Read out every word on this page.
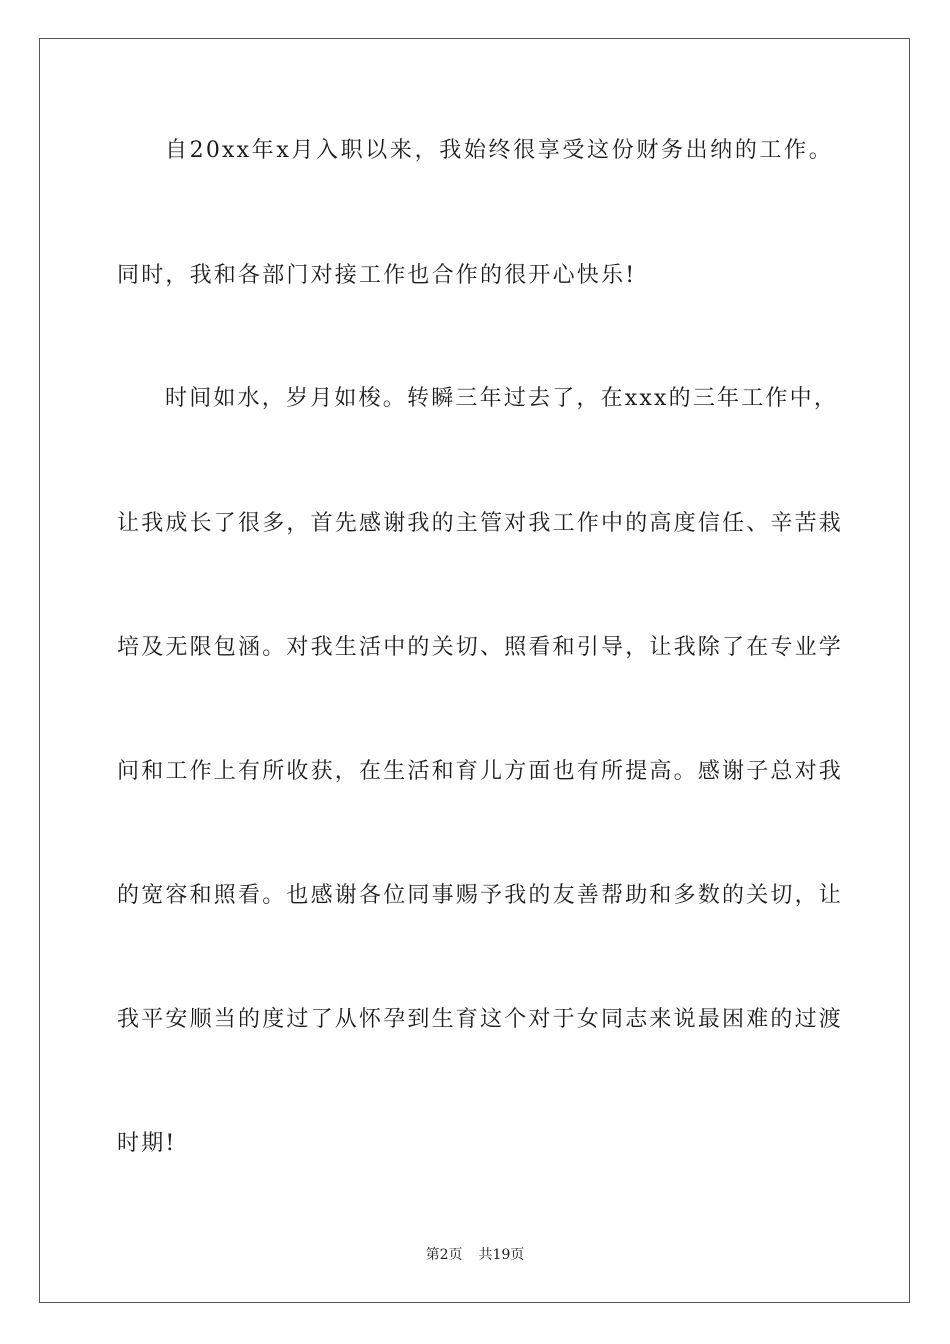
自20xx年x月入职以来，我始终很享受这份财务出纳的工作。
同时，我和各部门对接工作也合作的很开心快乐!
时间如水，岁月如梭。转瞬三年过去了，在xxx的三年工作中，
让我成长了很多，首先感谢我的主管对我工作中的高度信任、辛苦栽
培及无限包涵。对我生活中的关切、照看和引导，让我除了在专业学
问和工作上有所收获，在生活和育儿方面也有所提高。感谢子总对我
的宽容和照看。也感谢各位同事赐予我的友善帮助和多数的关切，让
我平安顺当的度过了从怀孕到生育这个对于女同志来说最困难的过渡
时期!
第2页 共19页
